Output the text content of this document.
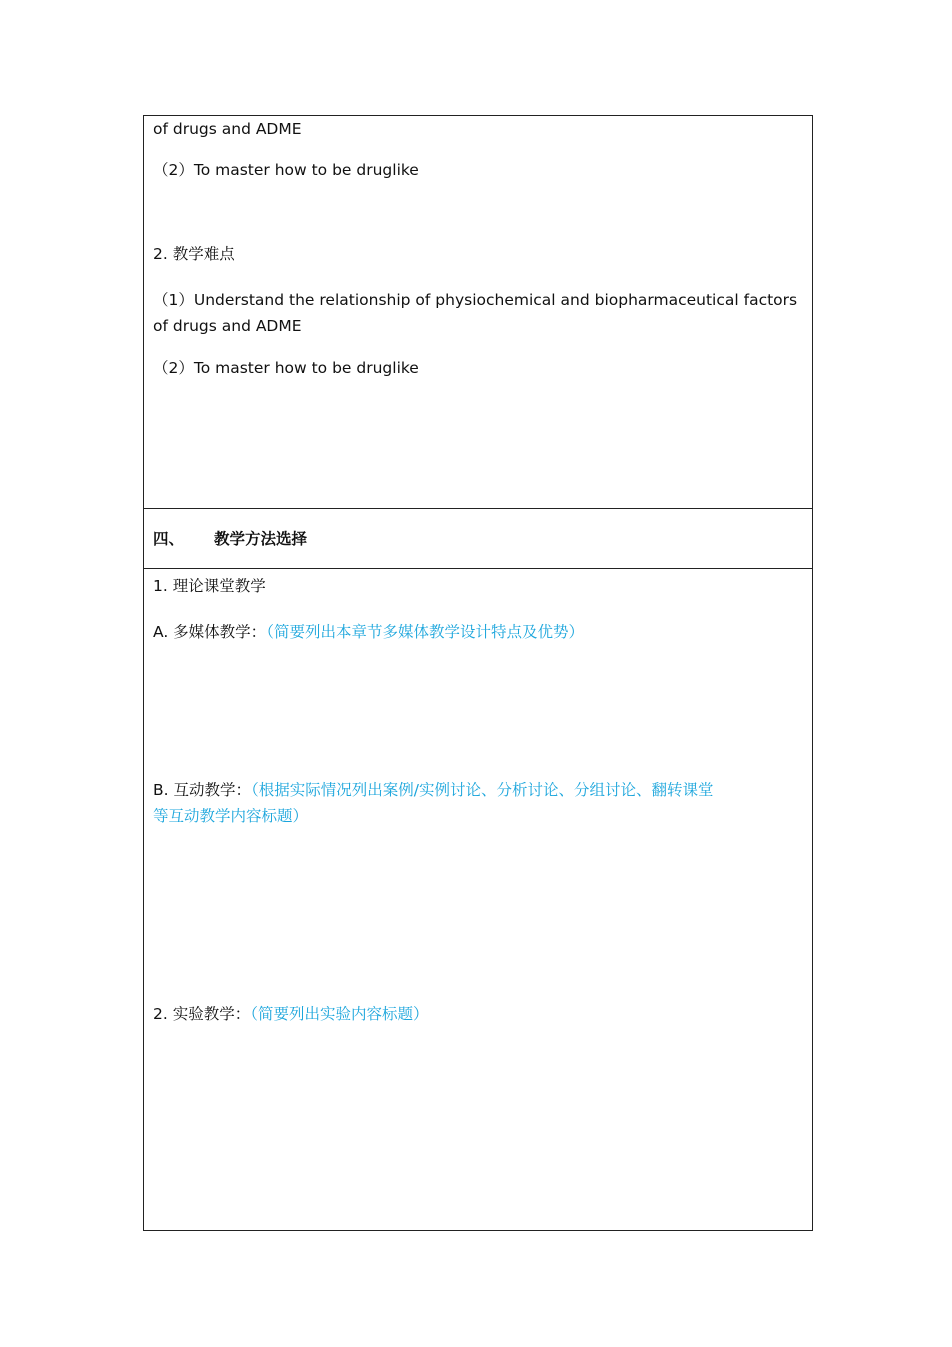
of drugs and ADME
（2）To master how to be druglike
2. 教学难点
（1）Understand the relationship of physiochemical and biopharmaceutical factors
of drugs and ADME
（2）To master how to be druglike
四、 教学方法选择
1. 理论课堂教学
A. 多媒体教学：（简要列出本章节多媒体教学设计特点及优势）
B. 互动教学：（根据实际情况列出案例/实例讨论、分析讨论、分组讨论、翻转课堂
等互动教学内容标题）
2. 实验教学：（简要列出实验内容标题）
